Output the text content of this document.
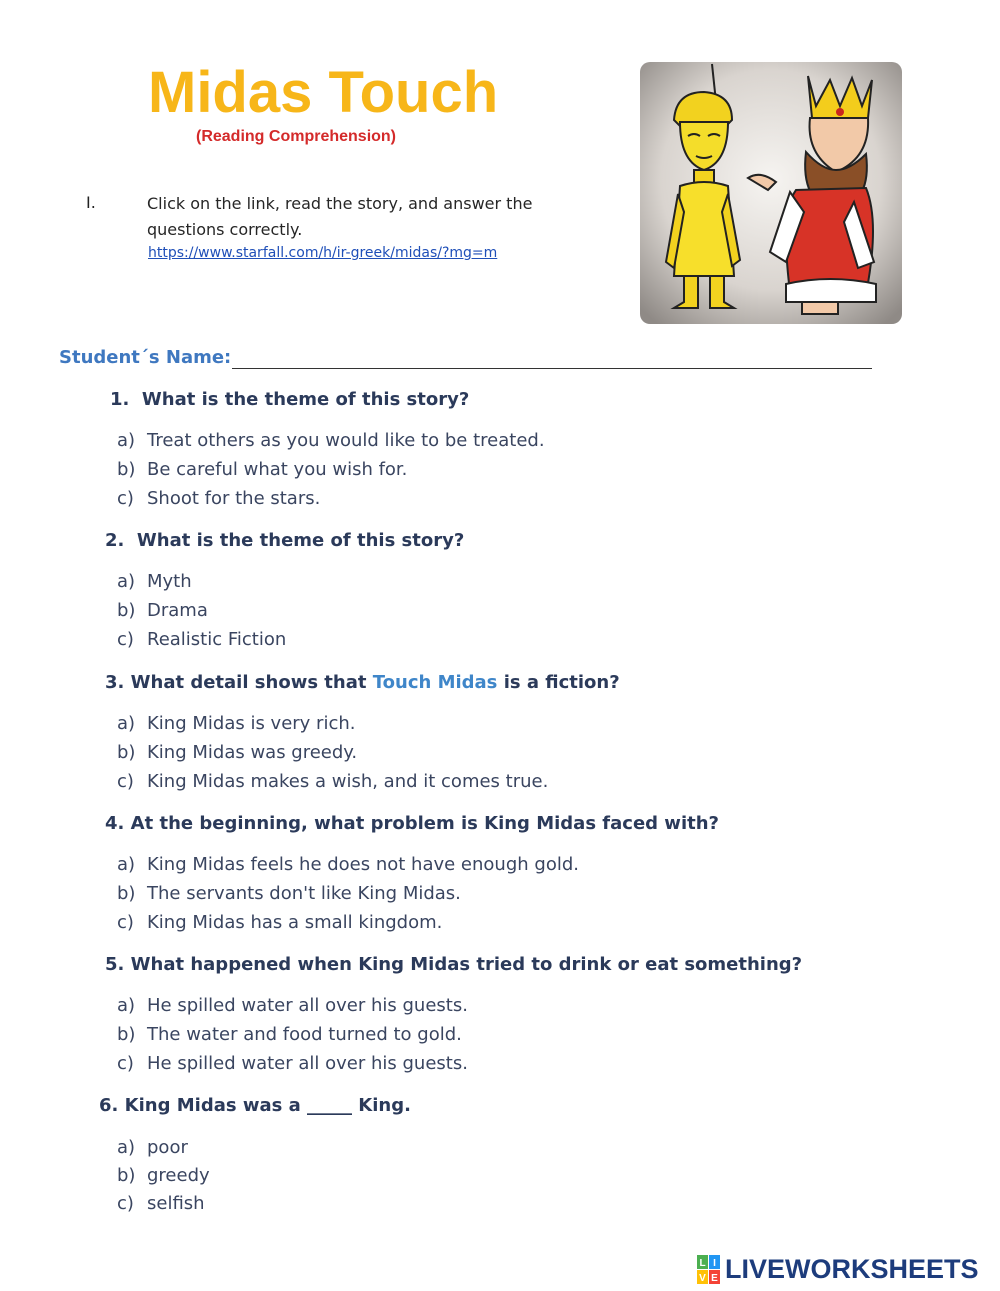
Midas Touch
(Reading Comprehension)
I.	Click on the link, read the story, and answer the questions correctly.
https://www.starfall.com/h/ir-greek/midas/?mg=m
Student´s Name:
1. What is the theme of this story?
a) Treat others as you would like to be treated.
b) Be careful what you wish for.
c) Shoot for the stars.
2. What is the theme of this story?
a) Myth
b) Drama
c) Realistic Fiction
3. What detail shows that Touch Midas is a fiction?
a) King Midas is very rich.
b) King Midas was greedy.
c) King Midas makes a wish, and it comes true.
4. At the beginning, what problem is King Midas faced with?
a) King Midas feels he does not have enough gold.
b) The servants don't like King Midas.
c) King Midas has a small kingdom.
5. What happened when King Midas tried to drink or eat something?
a) He spilled water all over his guests.
b) The water and food turned to gold.
c) He spilled water all over his guests.
6. King Midas was a _____ King.
a) poor
b) greedy
c) selfish
L I
V E LIVEWORKSHEETS
